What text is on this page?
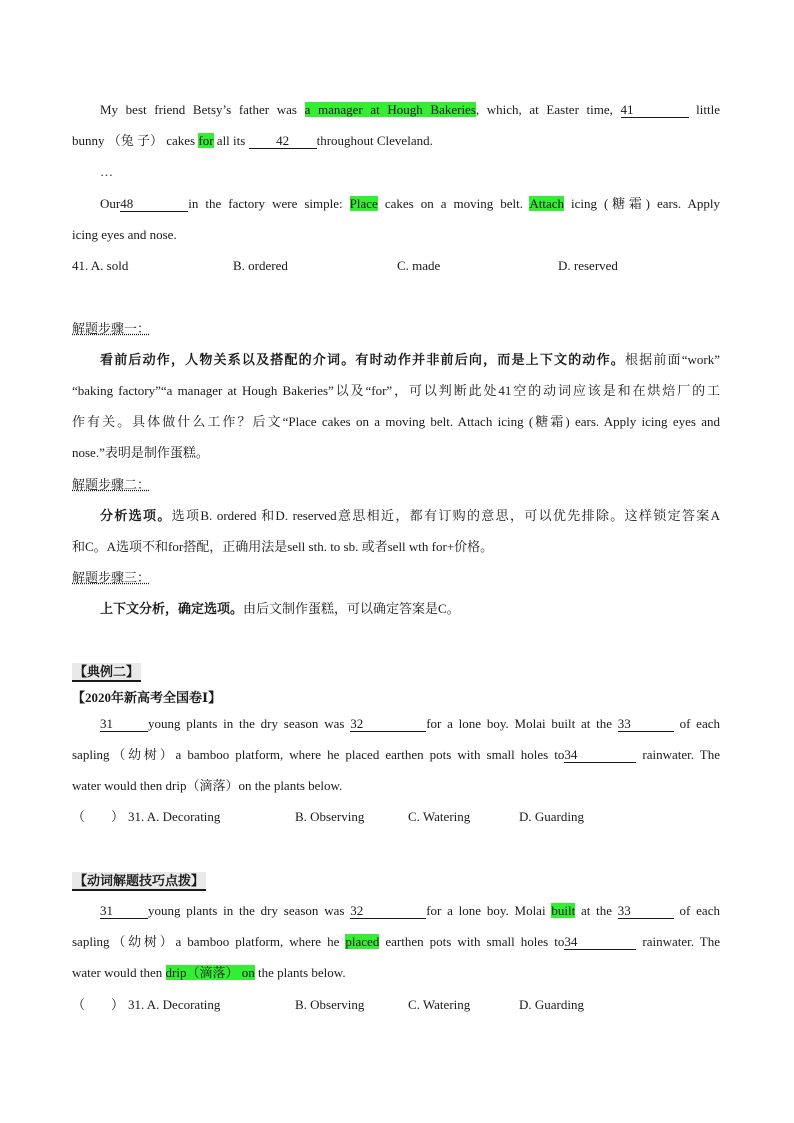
My best friend Betsy’s father was a manager at Hough Bakeries, which, at Easter time, 41	little
bunny （兔 子） cakes for all its 42 throughout Cleveland.
…
Our48	in the factory were simple: Place cakes on a moving belt. Attach icing (糖霜) ears. Apply
icing eyes and nose.
41. A. sold	B. ordered	C. made	D. reserved
解题步骤一：
看前后动作，人物关系以及搭配的介词。有时动作并非前后向，而是上下文的动作。根据前面“work”
“baking factory”“a manager at Hough Bakeries”以及“for”，可以判断此处41空的动词应该是和在烘焙厂的工
作有关。具体做什么工作？后文“Place cakes on a moving belt. Attach icing (糖霜) ears. Apply icing eyes and
nose.”表明是制作蛋糕。
解题步骤二：
分析选项。选项B. ordered 和D. reserved意思相近，都有订购的意思，可以优先排除。这样锁定答案A
和C。A选项不和for搭配，正确用法是sell sth. to sb. 或者sell wth for+价格。
解题步骤三：
上下文分析，确定选项。由后文制作蛋糕，可以确定答案是C。
【典例二】
【2020年新高考全国卷Ⅰ】
31	young plants in the dry season was 32	for a lone boy. Molai built at the 33	of each
sapling（幼树）a bamboo platform, where he placed earthen pots with small holes to34	rainwater. The
water would then drip（滴落）on the plants below.
（　　） 31. A. Decorating	B. Observing	C. Watering	D. Guarding
【动词解题技巧点拨】
31	young plants in the dry season was 32	for a lone boy. Molai built at the 33	of each
sapling（幼树）a bamboo platform, where he placed earthen pots with small holes to34	rainwater. The
water would then drip（滴落） on the plants below.
（　　） 31. A. Decorating	B. Observing	C. Watering	D. Guarding
